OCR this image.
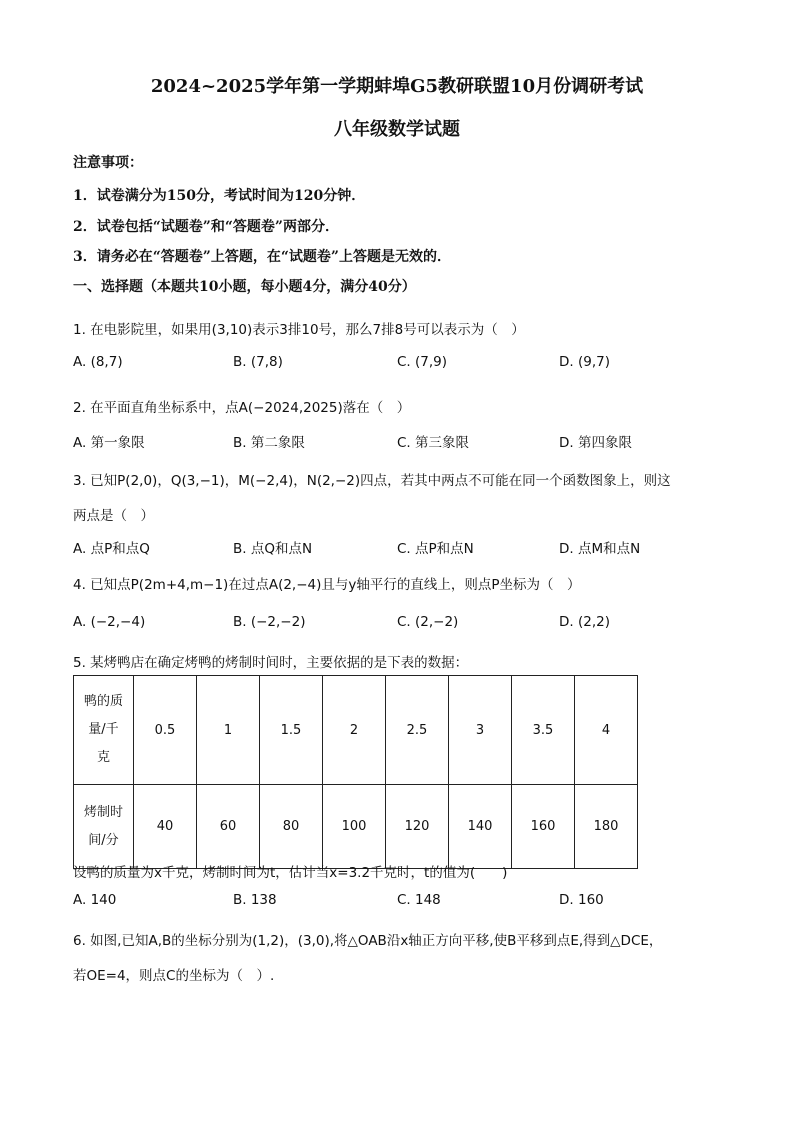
2024~2025学年第一学期蚌埠G5教研联盟10月份调研考试
八年级数学试题
注意事项：
1．试卷满分为150分，考试时间为120分钟．
2．试卷包括“试题卷”和“答题卷”两部分．
3．请务必在“答题卷”上答题，在“试题卷”上答题是无效的．
一、选择题（本题共10小题，每小题4分，满分40分）
1. 在电影院里，如果用(3,10)表示3排10号，那么7排8号可以表示为（　）
A. (8,7)	B. (7,8)	C. (7,9)	D. (9,7)
2. 在平面直角坐标系中，点A(−2024,2025)落在（　）
A. 第一象限	B. 第二象限	C. 第三象限	D. 第四象限
3. 已知P(2,0)，Q(3,−1)，M(−2,4)，N(2,−2)四点，若其中两点不可能在同一个函数图象上，则这
两点是（　）
A. 点P和点Q	B. 点Q和点N	C. 点P和点N	D. 点M和点N
4. 已知点P(2m+4,m−1)在过点A(2,−4)且与y轴平行的直线上，则点P坐标为（　）
A. (−2,−4)	B. (−2,−2)	C. (2,−2)	D. (2,2)
5. 某烤鸭店在确定烤鸭的烤制时间时，主要依据的是下表的数据：
鸭的质
量/千
克	0.5	1	1.5	2	2.5	3	3.5	4

烤制时
间/分	40	60	80	100	120	140	160	180
设鸭的质量为x千克，烤制时间为t，估计当x=3.2千克时，t的值为(　　)
A. 140	B. 138	C. 148	D. 160
6. 如图,已知A,B的坐标分别为(1,2)，(3,0),将△OAB沿x轴正方向平移,使B平移到点E,得到△DCE，
若OE=4，则点C的坐标为（　）.
